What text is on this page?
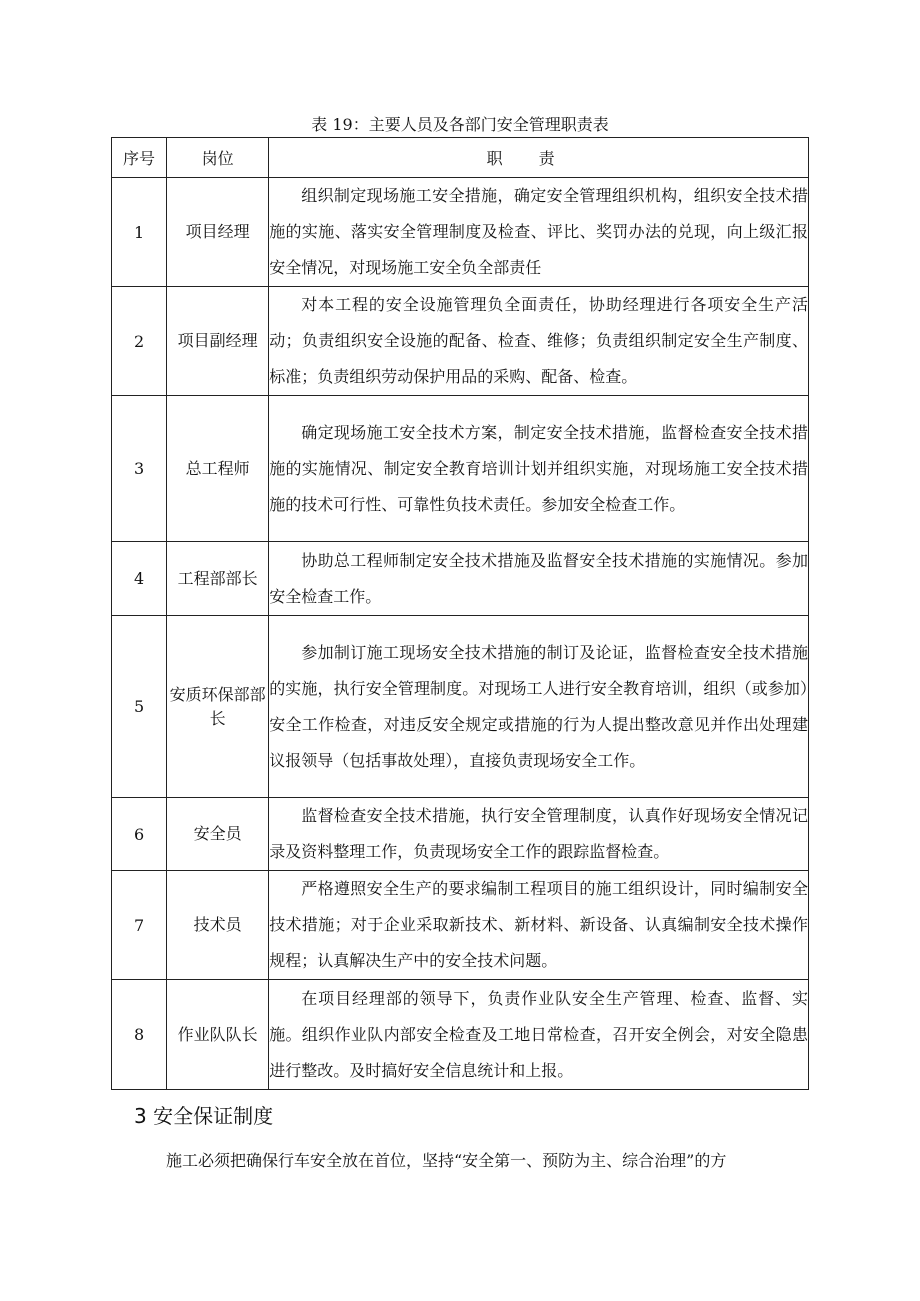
表 19：主要人员及各部门安全管理职责表
序号	岗位	职责
1	项目经理	组织制定现场施工安全措施，确定安全管理组织机构，组织安全技术措施的实施、落实安全管理制度及检查、评比、奖罚办法的兑现，向上级汇报安全情况，对现场施工安全负全部责任
2	项目副经理	对本工程的安全设施管理负全面责任，协助经理进行各项安全生产活动；负责组织安全设施的配备、检查、维修；负责组织制定安全生产制度、标准；负责组织劳动保护用品的采购、配备、检查。
3	总工程师	确定现场施工安全技术方案，制定安全技术措施，监督检查安全技术措施的实施情况、制定安全教育培训计划并组织实施，对现场施工安全技术措施的技术可行性、可靠性负技术责任。参加安全检查工作。
4	工程部部长	协助总工程师制定安全技术措施及监督安全技术措施的实施情况。参加安全检查工作。
5	安质环保部部长	参加制订施工现场安全技术措施的制订及论证，监督检查安全技术措施的实施，执行安全管理制度。对现场工人进行安全教育培训，组织（或参加）安全工作检查，对违反安全规定或措施的行为人提出整改意见并作出处理建议报领导（包括事故处理），直接负责现场安全工作。
6	安全员	监督检查安全技术措施，执行安全管理制度，认真作好现场安全情况记录及资料整理工作，负责现场安全工作的跟踪监督检查。
7	技术员	严格遵照安全生产的要求编制工程项目的施工组织设计，同时编制安全技术措施；对于企业采取新技术、新材料、新设备、认真编制安全技术操作规程；认真解决生产中的安全技术问题。
8	作业队队长	在项目经理部的领导下，负责作业队安全生产管理、检查、监督、实施。组织作业队内部安全检查及工地日常检查，召开安全例会，对安全隐患进行整改。及时搞好安全信息统计和上报。
3 安全保证制度
施工必须把确保行车安全放在首位，坚持“安全第一、预防为主、综合治理”的方
